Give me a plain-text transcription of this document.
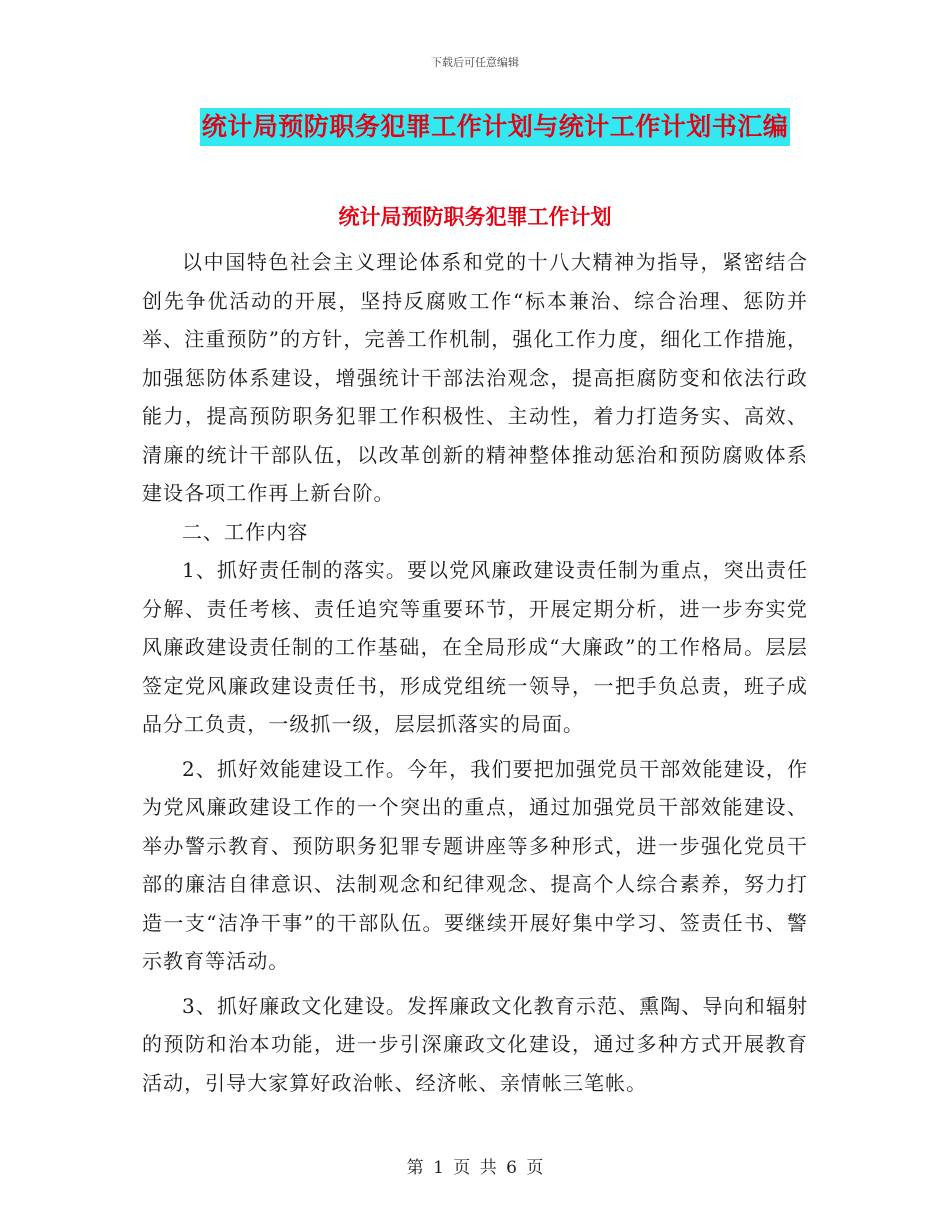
下载后可任意编辑
统计局预防职务犯罪工作计划与统计工作计划书汇编
统计局预防职务犯罪工作计划

以中国特色社会主义理论体系和党的十八大精神为指导，紧密结合创先争优活动的开展，坚持反腐败工作“标本兼治、综合治理、惩防并举、注重预防”的方针，完善工作机制，强化工作力度，细化工作措施，加强惩防体系建设，增强统计干部法治观念，提高拒腐防变和依法行政能力，提高预防职务犯罪工作积极性、主动性，着力打造务实、高效、清廉的统计干部队伍，以改革创新的精神整体推动惩治和预防腐败体系建设各项工作再上新台阶。

二、工作内容

1、抓好责任制的落实。要以党风廉政建设责任制为重点，突出责任分解、责任考核、责任追究等重要环节，开展定期分析，进一步夯实党风廉政建设责任制的工作基础，在全局形成“大廉政”的工作格局。层层签定党风廉政建设责任书，形成党组统一领导，一把手负总责，班子成品分工负责，一级抓一级，层层抓落实的局面。

2、抓好效能建设工作。今年，我们要把加强党员干部效能建设，作为党风廉政建设工作的一个突出的重点，通过加强党员干部效能建设、举办警示教育、预防职务犯罪专题讲座等多种形式，进一步强化党员干部的廉洁自律意识、法制观念和纪律观念、提高个人综合素养，努力打造一支“洁净干事”的干部队伍。要继续开展好集中学习、签责任书、警示教育等活动。

3、抓好廉政文化建设。发挥廉政文化教育示范、熏陶、导向和辐射的预防和治本功能，进一步引深廉政文化建设，通过多种方式开展教育活动，引导大家算好政治帐、经济帐、亲情帐三笔帐。

第 1 页 共 6 页
